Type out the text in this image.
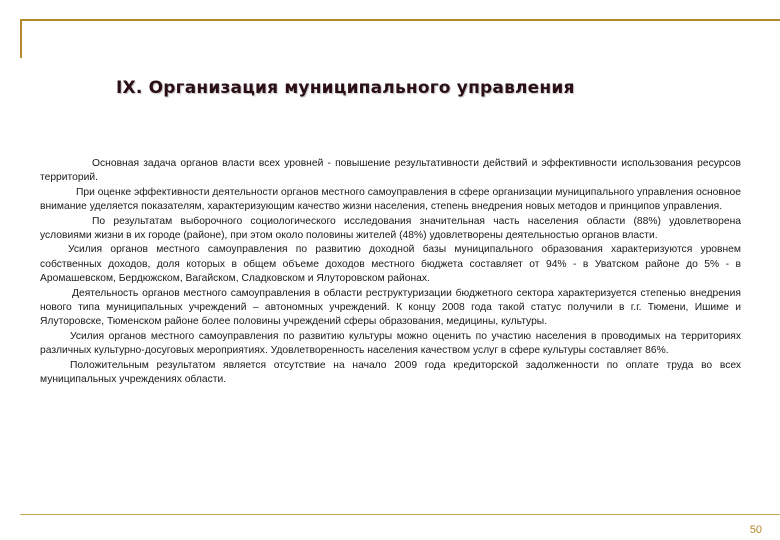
IX. Организация муниципального управления

Основная задача органов власти всех уровней - повышение результативности действий и эффективности использования ресурсов территорий.

При оценке эффективности деятельности органов местного самоуправления в сфере организации муниципального управления основное внимание уделяется показателям, характеризующим качество жизни населения, степень внедрения новых методов и принципов управления.

По результатам выборочного социологического исследования значительная часть населения области (88%) удовлетворена условиями жизни в их городе (районе), при этом около половины жителей (48%) удовлетворены деятельностью органов власти.

Усилия органов местного самоуправления по развитию доходной базы муниципального образования характеризуются уровнем собственных доходов, доля которых в общем объеме доходов местного бюджета составляет от 94% - в Уватском районе до 5% - в Аромашевском, Бердюжском, Вагайском, Сладковском и Ялуторовском районах.

Деятельность органов местного самоуправления в области реструктуризации бюджетного сектора характеризуется степенью внедрения нового типа муниципальных учреждений – автономных учреждений. К концу 2008 года такой статус получили в г.г. Тюмени, Ишиме и Ялуторовске, Тюменском районе более половины учреждений сферы образования, медицины, культуры.

Усилия органов местного самоуправления по развитию культуры можно оценить по участию населения в проводимых на территориях различных культурно-досуговых мероприятиях. Удовлетворенность населения качеством услуг в сфере культуры составляет 86%.

Положительным результатом является отсутствие на начало 2009 года кредиторской задолженности по оплате труда во всех муниципальных учреждениях области.

50
